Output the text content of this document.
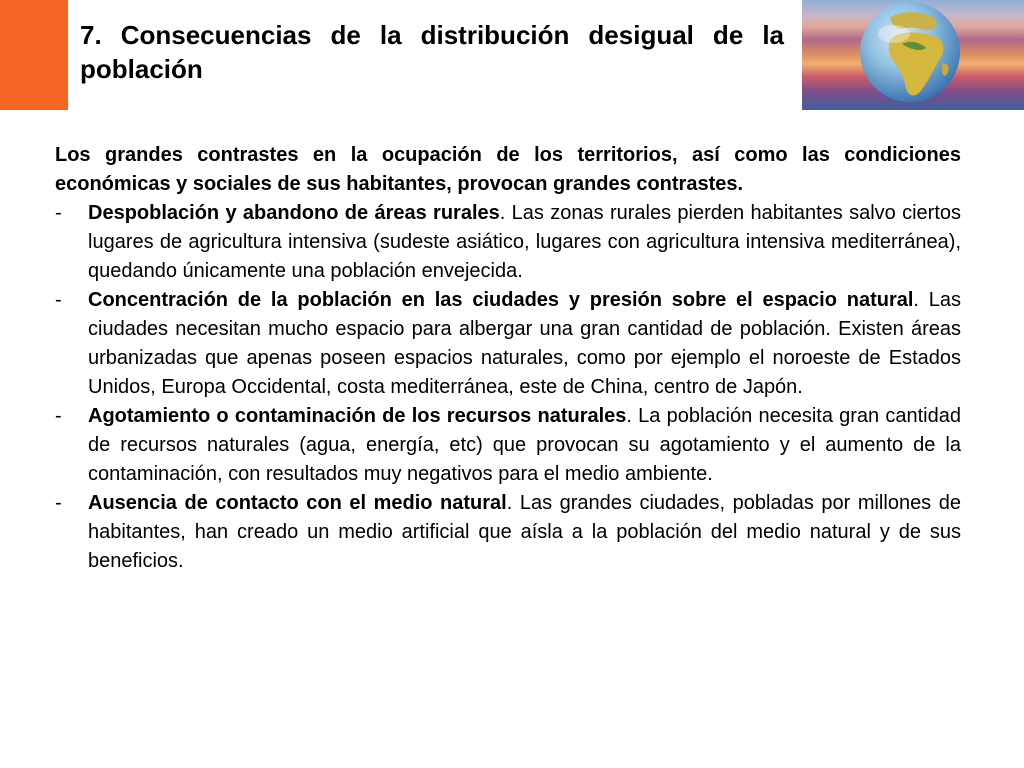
7. Consecuencias de la distribución desigual de la población
Los grandes contrastes en la ocupación de los territorios, así como las condiciones económicas y sociales de sus habitantes, provocan grandes contrastes.
- Despoblación y abandono de áreas rurales. Las zonas rurales pierden habitantes salvo ciertos lugares de agricultura intensiva (sudeste asiático, lugares con agricultura intensiva mediterránea), quedando únicamente una población envejecida.
- Concentración de la población en las ciudades y presión sobre el espacio natural. Las ciudades necesitan mucho espacio para albergar una gran cantidad de población. Existen áreas urbanizadas que apenas poseen espacios naturales, como por ejemplo el noroeste de Estados Unidos, Europa Occidental, costa mediterránea, este de China, centro de Japón.
- Agotamiento o contaminación de los recursos naturales. La población necesita gran cantidad de recursos naturales (agua, energía, etc) que provocan su agotamiento y el aumento de la contaminación, con resultados muy negativos para el medio ambiente.
- Ausencia de contacto con el medio natural. Las grandes ciudades, pobladas por millones de habitantes, han creado un medio artificial que aísla a la población del medio natural y de sus beneficios.
